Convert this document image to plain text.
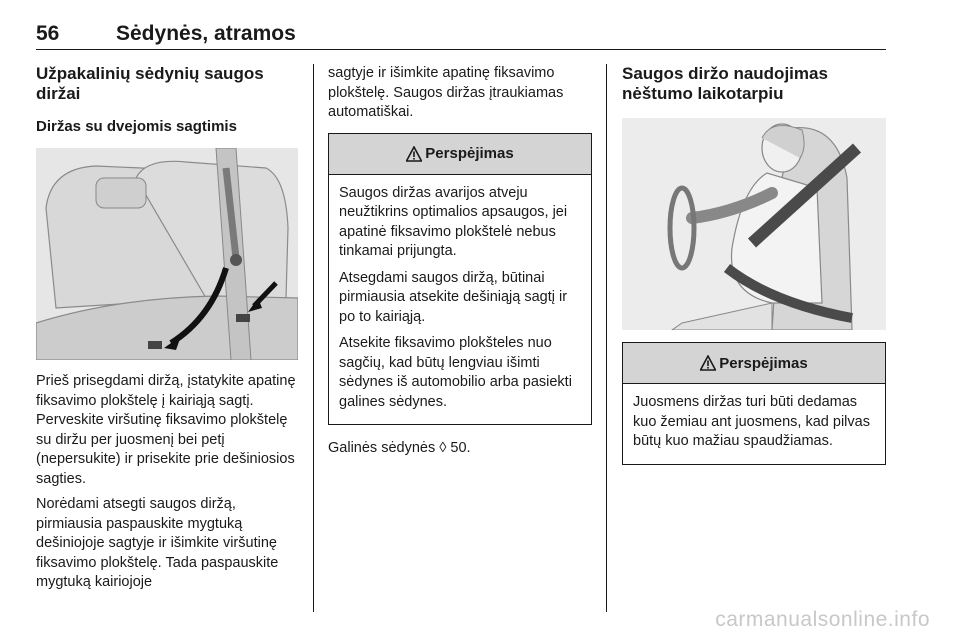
56	Sėdynės, atramos
Užpakalinių sėdynių saugos diržai
Diržas su dvejomis sagtimis

Prieš prisegdami diržą, įstatykite apatinę fiksavimo plokštelę į kairiąją sagtį. Perveskite viršutinę fiksavimo plokštelę su diržu per juosmenį bei petį (nepersukite) ir prisekite prie dešiniosios sagties.

Norėdami atsegti saugos diržą, pirmiausia paspauskite mygtuką dešiniojoje sagtyje ir išimkite viršutinę fiksavimo plokštelę. Tada paspauskite mygtuką kairiojoje

sagtyje ir išimkite apatinę fiksavimo plokštelę. Saugos diržas įtraukiamas automatiškai.

Perspėjimas

Saugos diržas avarijos atveju neužtikrins optimalios apsaugos, jei apatinė fiksavimo plokštelė nebus tinkamai prijungta.

Atsegdami saugos diržą, būtinai pirmiausia atsekite dešiniąją sagtį ir po to kairiąją.

Atsekite fiksavimo plokšteles nuo sagčių, kad būtų lengviau išimti sėdynes iš automobilio arba pasiekti galines sėdynes.

Galinės sėdynės ◊ 50.

Saugos diržo naudojimas nėštumo laikotarpiu
Perspėjimas

Juosmens diržas turi būti dedamas kuo žemiau ant juosmens, kad pilvas būtų kuo mažiau spaudžiamas.

carmanualsonline.info
